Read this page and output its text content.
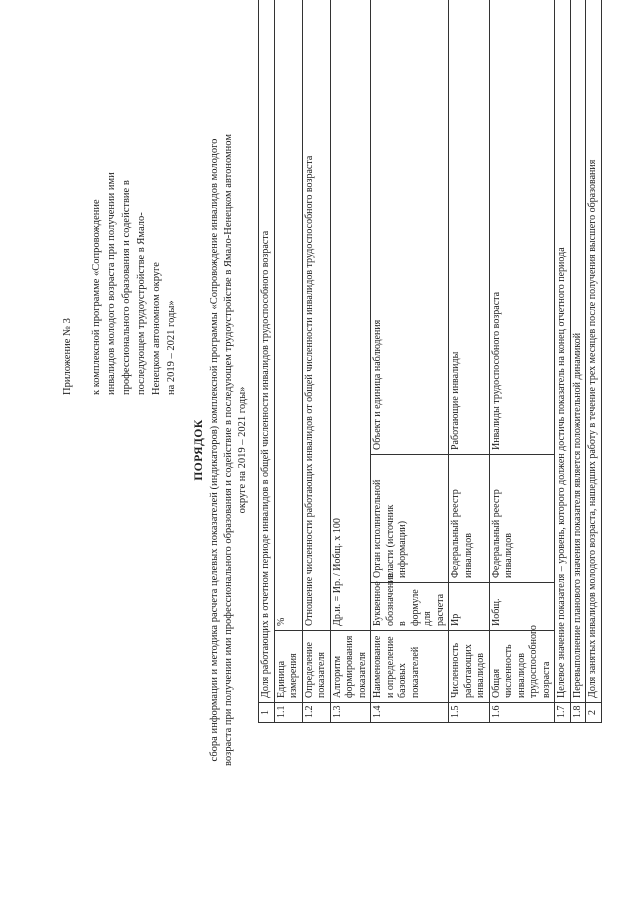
Приложение № 3 к комплексной программе «Сопровождение инвалидов молодого возраста при получении ими профессионального образования и содействие в последующем трудоустройстве в Ямало- Ненецком автономном округе на 2019 – 2021 годы»
ПОРЯДОК сбора информации и методика расчета целевых показателей (индикаторов) комплексной программы «Сопровождение инвалидов молодого возраста при получении ими профессионального образования и содействие в последующем трудоустройстве в Ямало-Ненецком автономном округе на 2019 – 2021 годы»
1	Доля работающих в отчетном периоде инвалидов в общей численности инвалидов трудоспособного возраста			
1.1	Единица измерения	%		
1.2	Определение показателя	Отношение численности работающих инвалидов от общей численности инвалидов трудоспособного возраста		
1.3	Алгоритм формирования показателя	Др.и. = Ир. / Иобщ. х 100		
1.4	Наименование и определение базовых показателей	Буквенное обозначение в формуле для расчета	Орган исполнительной власти (источник информации)	Объект и единица наблюдения
1.5	Численность работающих инвалидов	Ир	Федеральный реестр инвалидов	Работающие инвалиды
1.6	Общая численность инвалидов трудоспособного возраста	Иобщ.	Федеральный реестр инвалидов	Инвалиды трудоспособного возраста
1.7	Целевое значение показателя – уровень, которого должен достичь показатель на конец отчетного периода			
1.8	Перевыполнение планового значения показателя является положительной динамикой			
2	Доля занятых инвалидов молодого возраста, нашедших работу в течение трех месяцев после получения высшего образования			
